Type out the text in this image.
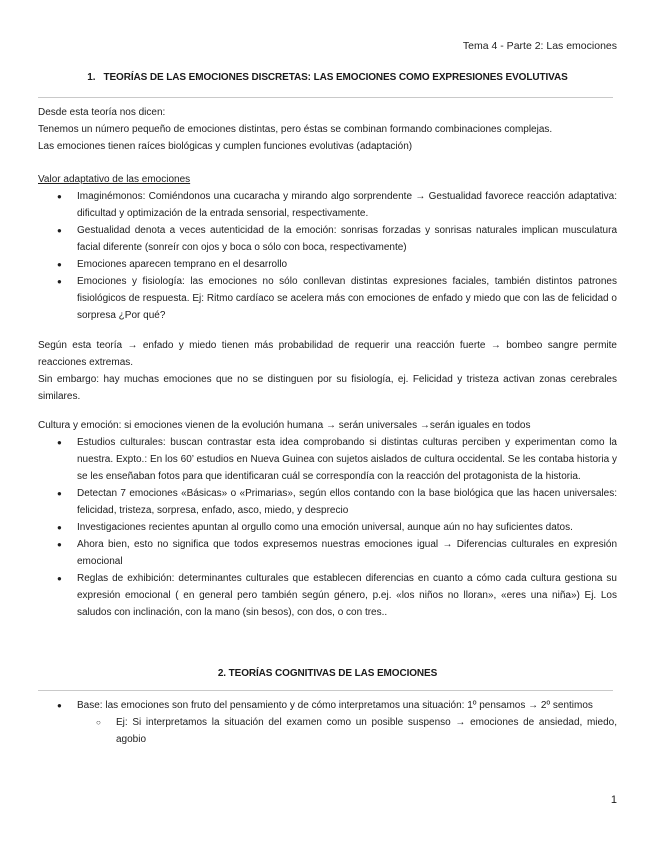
Tema 4 - Parte 2: Las emociones
1.   TEORÍAS DE LAS EMOCIONES DISCRETAS: LAS EMOCIONES COMO EXPRESIONES EVOLUTIVAS
Desde esta teoría nos dicen:
Tenemos un número pequeño de emociones distintas, pero éstas se combinan formando combinaciones complejas.
Las emociones tienen raíces biológicas y cumplen funciones evolutivas (adaptación)
Valor adaptativo de las emociones
● Imaginémonos: Comiéndonos una cucaracha y mirando algo sorprendente → Gestualidad favorece reacción adaptativa: dificultad y optimización de la entrada sensorial, respectivamente.
● Gestualidad denota a veces autenticidad de la emoción: sonrisas forzadas y sonrisas naturales implican musculatura facial diferente (sonreír con ojos y boca o sólo con boca, respectivamente)
● Emociones aparecen temprano en el desarrollo
● Emociones y fisiología: las emociones no sólo conllevan distintas expresiones faciales, también distintos patrones fisiológicos de respuesta. Ej: Ritmo cardíaco se acelera más con emociones de enfado y miedo que con las de felicidad o sorpresa ¿Por qué?
Según esta teoría → enfado y miedo tienen más probabilidad de requerir una reacción fuerte → bombeo sangre permite reacciones extremas.
Sin embargo: hay muchas emociones que no se distinguen por su fisiología, ej. Felicidad y tristeza activan zonas cerebrales similares.
Cultura y emoción: si emociones vienen de la evolución humana → serán universales →serán iguales en todos
● Estudios culturales: buscan contrastar esta idea comprobando si distintas culturas perciben y experimentan como la nuestra. Expto.: En los 60’ estudios en Nueva Guinea con sujetos aislados de cultura occidental. Se les contaba historia y se les enseñaban fotos para que identificaran cuál se correspondía con la reacción del protagonista de la historia.
● Detectan 7 emociones «Básicas» o «Primarias», según ellos contando con la base biológica que las hacen universales: felicidad, tristeza, sorpresa, enfado, asco, miedo, y desprecio
● Investigaciones recientes apuntan al orgullo como una emoción universal, aunque aún no hay suficientes datos.
● Ahora bien, esto no significa que todos expresemos nuestras emociones igual → Diferencias culturales en expresión emocional
● Reglas de exhibición: determinantes culturales que establecen diferencias en cuanto a cómo cada cultura gestiona su expresión emocional ( en general pero también según género, p.ej. «los niños no lloran», «eres una niña») Ej. Los saludos con inclinación, con la mano (sin besos), con dos, o con tres..
2. TEORÍAS COGNITIVAS DE LAS EMOCIONES
● Base: las emociones son fruto del pensamiento y de cómo interpretamos una situación: 1º pensamos → 2º sentimos
○ Ej: Si interpretamos la situación del examen como un posible suspenso → emociones de ansiedad, miedo, agobio
1
